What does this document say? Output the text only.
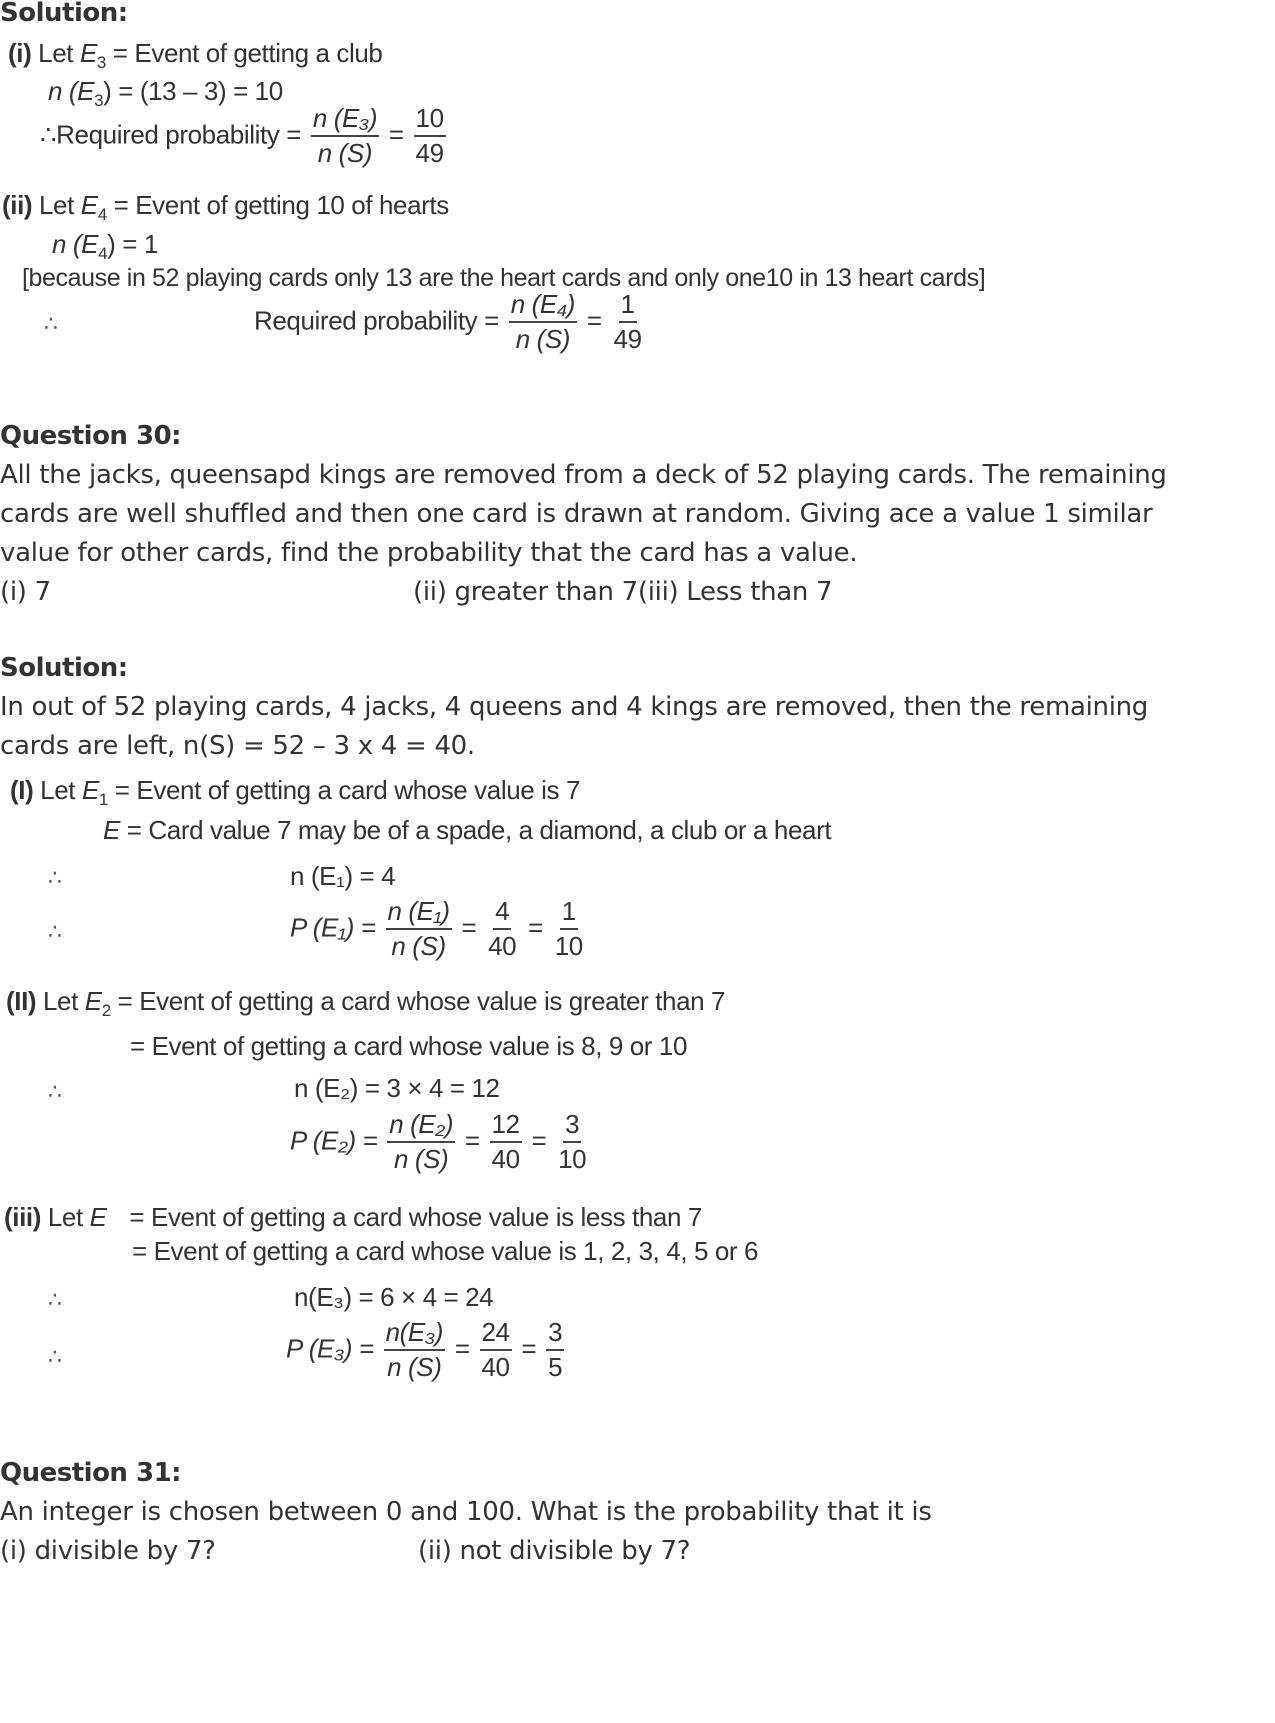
Solution:
(i) Let $E_3$ = Event of getting a club
n $(E_3) = (13 - 3) = 10$
∴Required probability = $\frac{\text{n (E₃)}}{n (S)} = \frac{10}{49}$
(ii) Let $E_4$ = Event of getting 10 of hearts
n $(E_4) = 1$
[because in 52 playing cards only 13 are the heart cards and only one10 in 13 heart cards]
∴	Required probability = $\frac{\text{n (E₄)}}{n (S)} = \frac{1}{49}$
Question 30:
All the jacks, queensapd kings are removed from a deck of 52 playing cards. The remaining
cards are well shuffled and then one card is drawn at random. Giving ace a value 1 similar
value for other cards, find the probability that the card has a value.
(i) 7	(ii) greater than 7(iii) Less than 7
Solution:
In out of 52 playing cards, 4 jacks, 4 queens and 4 kings are removed, then the remaining
cards are left, n(S) = 52 – 3 x 4 = 40.
(I) Let $E_1$ = Event of getting a card whose value is 7
E = Card value 7 may be of a spade, a diamond, a club or a heart
∴	n (E₁) = 4
∴	P $(E_1) = \frac{\text{n (E₁)}}{n (S)} = \frac{4}{40} = \frac{1}{10}$
(II) Let $E_2$ = Event of getting a card whose value is greater than 7
= Event of getting a card whose value is 8, 9 or 10
∴	n (E₂) = 3 × 4 = 12
P $(E_2) = \frac{\text{n (E₂)}}{n (S)} = \frac{12}{40} = \frac{3}{10}$
(iii) Let E = Event of getting a card whose value is less than 7
= Event of getting a card whose value is 1, 2, 3, 4, 5 or 6
∴	n(E₃) = 6 × 4 = 24
∴	P $(E_3) = \frac{\text{n(E₃)}}{n (S)} = \frac{24}{40} = \frac{3}{5}$
Question 31:
An integer is chosen between 0 and 100. What is the probability that it is
(i) divisible by 7?	(ii) not divisible by 7?
